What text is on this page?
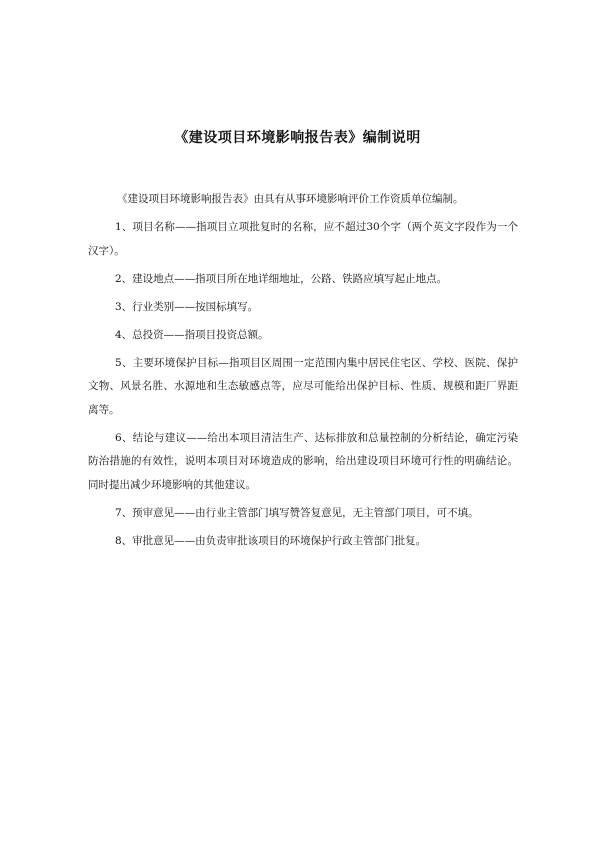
《建设项目环境影响报告表》编制说明

《建设项目环境影响报告表》由具有从事环境影响评价工作资质单位编制。

1、项目名称——指项目立项批复时的名称，应不超过30个字（两个英文字段作为一个汉字）。

2、建设地点——指项目所在地详细地址，公路、铁路应填写起止地点。

3、行业类别——按国标填写。

4、总投资——指项目投资总额。

5、主要环境保护目标—指项目区周围一定范围内集中居民住宅区、学校、医院、保护文物、风景名胜、水源地和生态敏感点等，应尽可能给出保护目标、性质、规模和距厂界距离等。

6、结论与建议——给出本项目清洁生产、达标排放和总量控制的分析结论，确定污染防治措施的有效性，说明本项目对环境造成的影响，给出建设项目环境可行性的明确结论。同时提出减少环境影响的其他建议。

7、预审意见——由行业主管部门填写赞答复意见，无主管部门项目，可不填。

8、审批意见——由负责审批该项目的环境保护行政主管部门批复。
